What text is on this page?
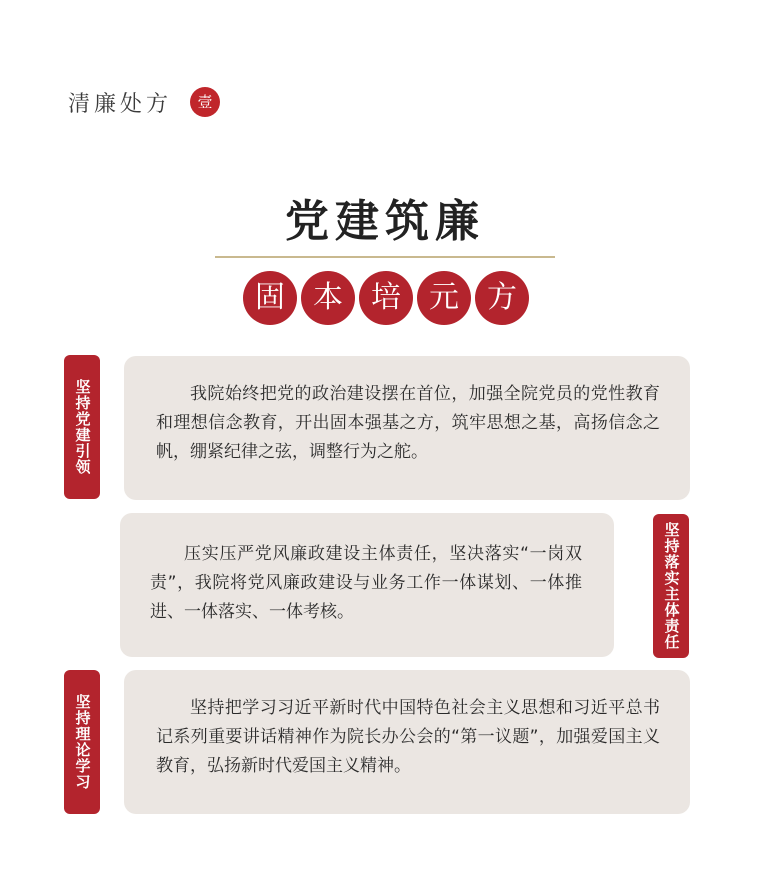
清廉处方	壹
党建筑廉
固 本 培 元 方
坚持党建引领	我院始终把党的政治建设摆在首位，加强全院党员的党性教育和理想信念教育，开出固本强基之方，筑牢思想之基，高扬信念之帆，绷紧纪律之弦，调整行为之舵。

压实压严党风廉政建设主体责任，坚决落实“一岗双责”，我院将党风廉政建设与业务工作一体谋划、一体推进、一体落实、一体考核。	坚持落实主体责任
坚持理论学习	坚持把学习习近平新时代中国特色社会主义思想和习近平总书记系列重要讲话精神作为院长办公会的“第一议题”，加强爱国主义教育，弘扬新时代爱国主义精神。
